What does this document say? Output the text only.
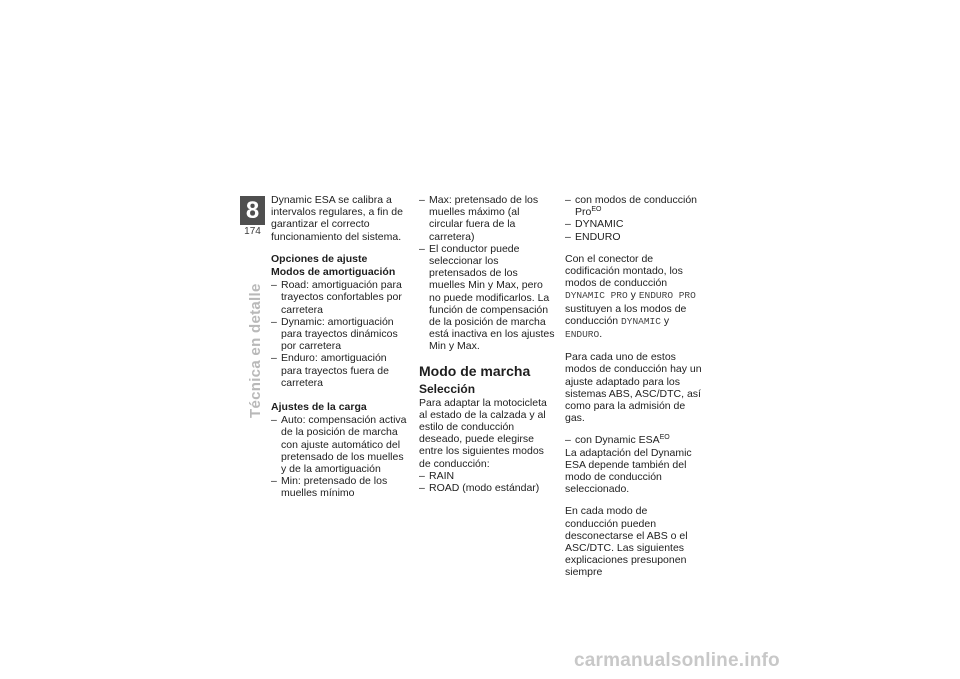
8
174
Técnica en detalle

Dynamic ESA se calibra a intervalos regulares, a fin de garantizar el correcto funcionamiento del sistema.

Opciones de ajuste
Modos de amortiguación
– Road: amortiguación para trayectos confortables por carretera
– Dynamic: amortiguación para trayectos dinámicos por carretera
– Enduro: amortiguación para trayectos fuera de carretera
Ajustes de la carga
– Auto: compensación activa de la posición de marcha con ajuste automático del pretensado de los muelles y de la amortiguación
– Min: pretensado de los muelles mínimo
– Max: pretensado de los muelles máximo (al circular fuera de la carretera)
– El conductor puede seleccionar los pretensados de los muelles Min y Max, pero no puede modificarlos. La función de compensación de la posición de marcha está inactiva en los ajustes Min y Max.
Modo de marcha
Selección

Para adaptar la motocicleta al estado de la calzada y al estilo de conducción deseado, puede elegirse entre los siguientes modos de conducción:

– RAIN
– ROAD (modo estándar)
– con modos de conducción Pro$^{EO}$
– DYNAMIC
– ENDURO

Con el conector de codificación montado, los modos de conducción DYNAMIC PRO y ENDURO PRO sustituyen a los modos de conducción DYNAMIC y ENDURO.

Para cada uno de estos modos de conducción hay un ajuste adaptado para los sistemas ABS, ASC/DTC, así como para la admisión de gas.

– con Dynamic $ESA^{EO}$

La adaptación del Dynamic ESA depende también del modo de conducción seleccionado.

En cada modo de conducción pueden desconectarse el ABS o el ASC/DTC. Las siguientes explicaciones presuponen siempre

carmanualsonline.info
